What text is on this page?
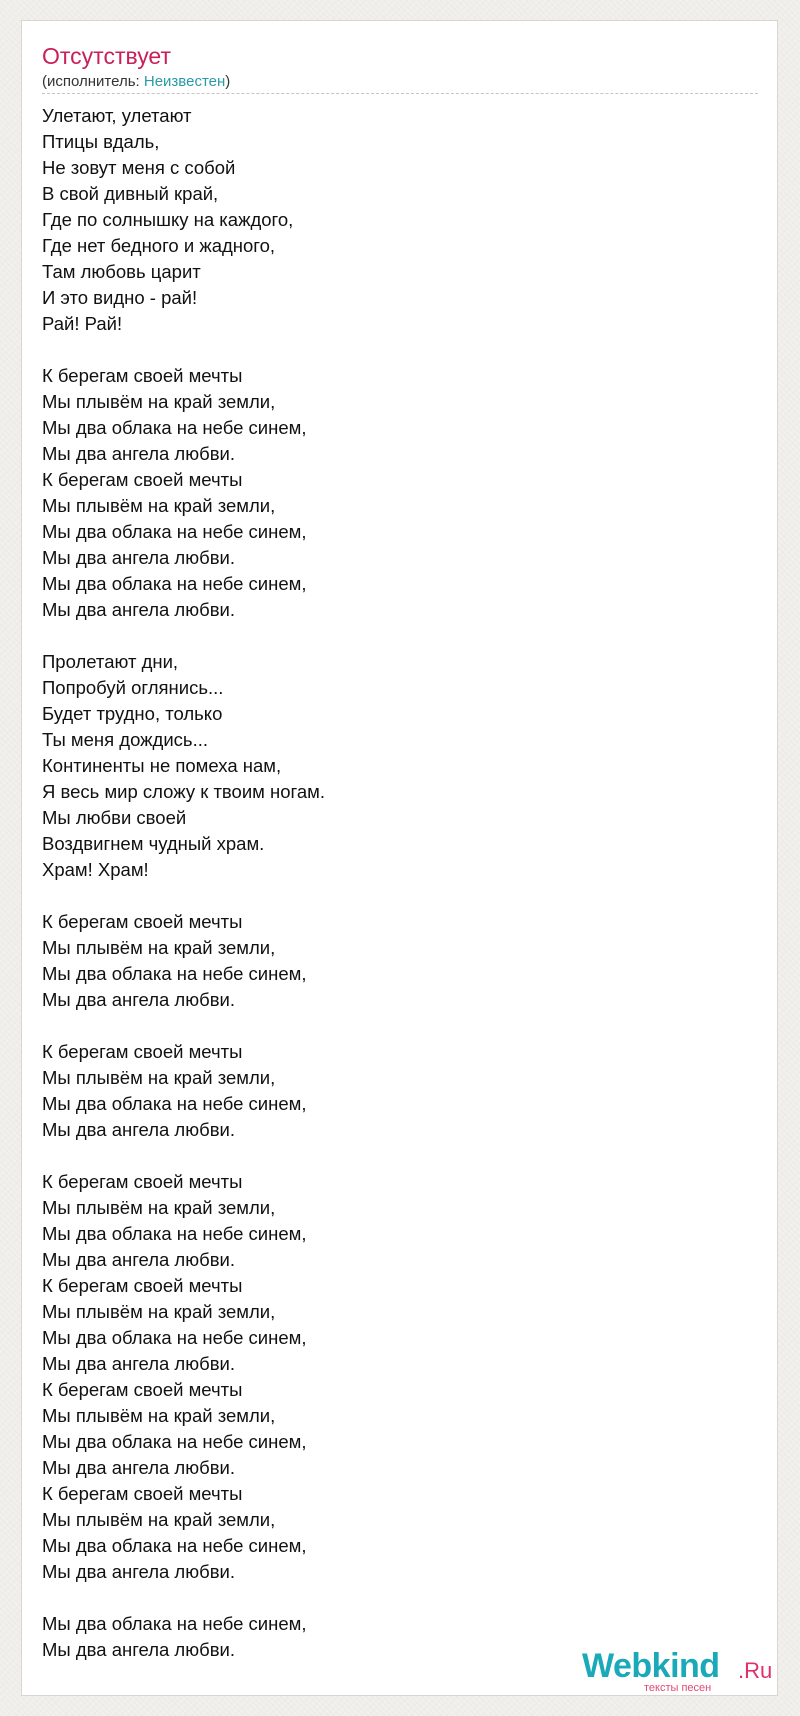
Отсутствует
(исполнитель: Неизвестен)
Улетают, улетают
Птицы вдаль,
Не зовут меня с собой
В свой дивный край,
Где по солнышку на каждого,
Где нет бедного и жадного,
Там любовь царит
И это видно - рай!
Рай! Рай!

К берегам своей мечты
Мы плывём на край земли,
Мы два облака на небе синем,
Мы два ангела любви.
К берегам своей мечты
Мы плывём на край земли,
Мы два облака на небе синем,
Мы два ангела любви.
Мы два облака на небе синем,
Мы два ангела любви.

Пролетают дни,
Попробуй оглянись...
Будет трудно, только
Ты меня дождись...
Континенты не помеха нам,
Я весь мир сложу к твоим ногам.
Мы любви своей
Воздвигнем чудный храм.
Храм! Храм!

К берегам своей мечты
Мы плывём на край земли,
Мы два облака на небе синем,
Мы два ангела любви.

К берегам своей мечты
Мы плывём на край земли,
Мы два облака на небе синем,
Мы два ангела любви.

К берегам своей мечты
Мы плывём на край земли,
Мы два облака на небе синем,
Мы два ангела любви.
К берегам своей мечты
Мы плывём на край земли,
Мы два облака на небе синем,
Мы два ангела любви.
К берегам своей мечты
Мы плывём на край земли,
Мы два облака на небе синем,
Мы два ангела любви.
К берегам своей мечты
Мы плывём на край земли,
Мы два облака на небе синем,
Мы два ангела любви.

Мы два облака на небе синем,
Мы два ангела любви.	Webkind .Ru
тексты песен
